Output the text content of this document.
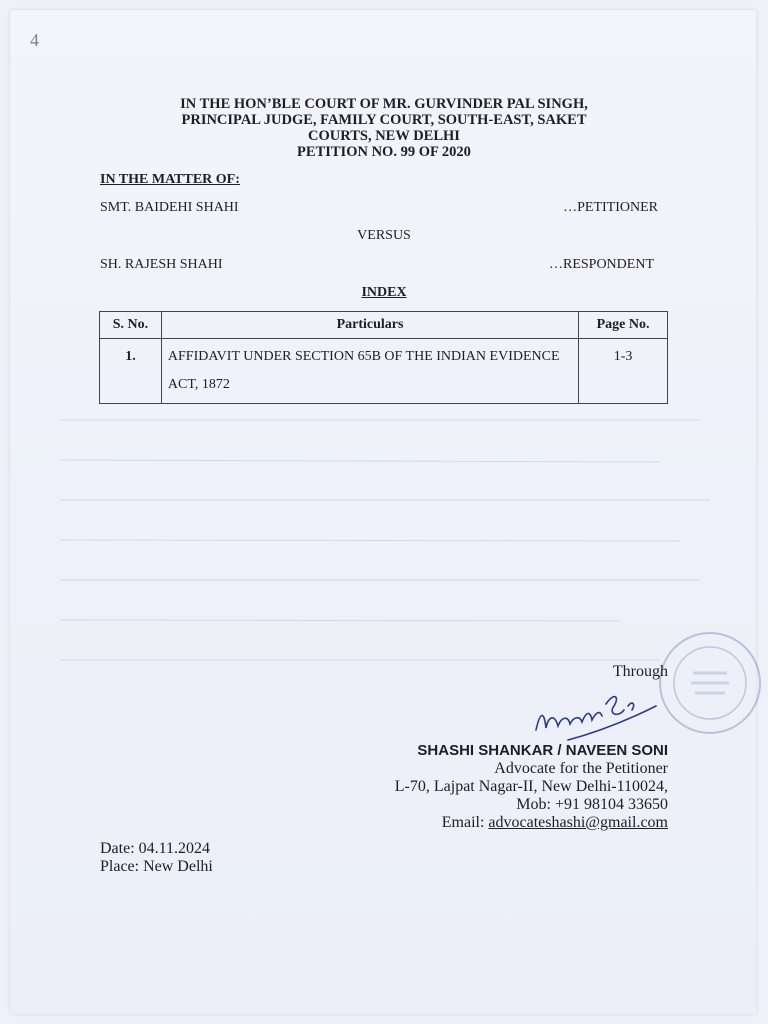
4
IN THE HON’BLE COURT OF MR. GURVINDER PAL SINGH,
PRINCIPAL JUDGE, FAMILY COURT, SOUTH-EAST, SAKET
COURTS, NEW DELHI
PETITION NO. 99 OF 2020
IN THE MATTER OF:
SMT. BAIDEHI SHAHI	…PETITIONER
VERSUS
SH. RAJESH SHAHI	…RESPONDENT
INDEX
S. No.	Particulars	Page No.
1.	AFFIDAVIT UNDER SECTION 65B OF THE INDIAN EVIDENCE ACT, 1872	1-3
Through
SHASHI SHANKAR / NAVEEN SONI
Advocate for the Petitioner
L-70, Lajpat Nagar-II, New Delhi-110024,
Mob: +91 98104 33650
Email: advocateshashi@gmail.com
Date: 04.11.2024
Place: New Delhi
